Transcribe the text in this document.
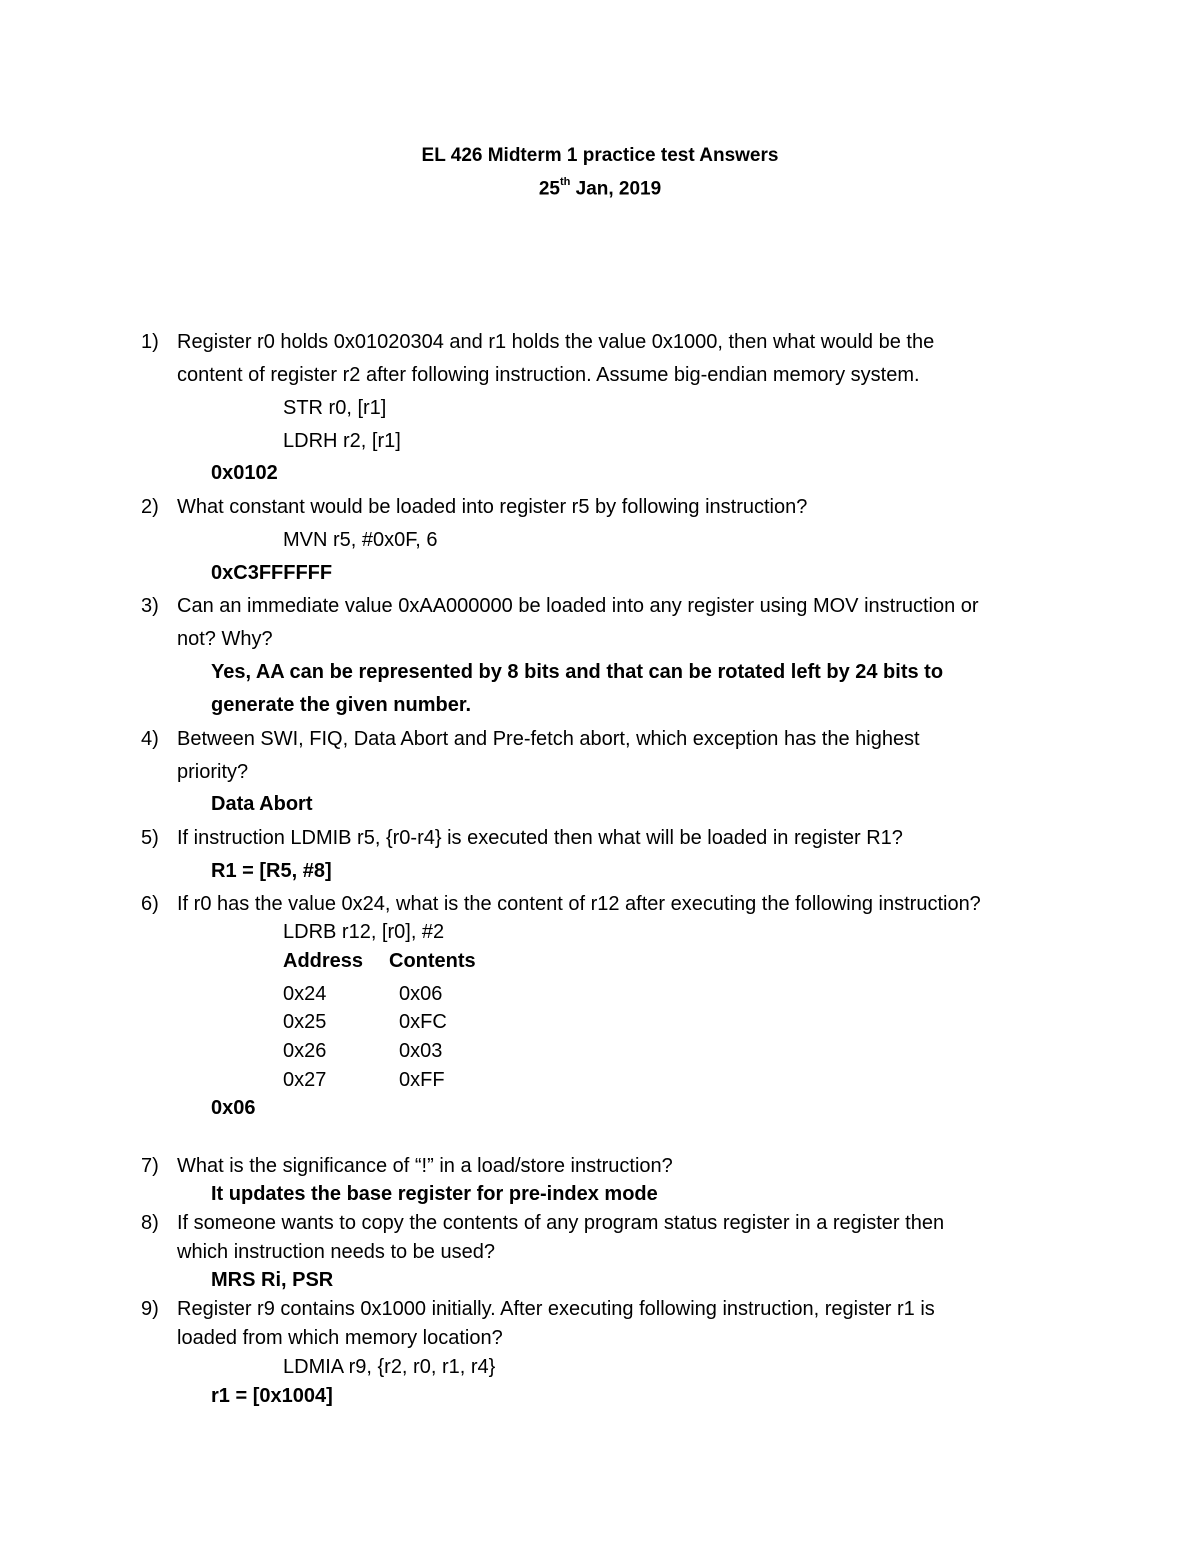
EL 426 Midterm 1 practice test Answers
25th Jan, 2019
1) Register r0 holds 0x01020304 and r1 holds the value 0x1000, then what would be the
content of register r2 after following instruction. Assume big-endian memory system.
STR r0, [r1]
LDRH r2, [r1]
0x0102
2) What constant would be loaded into register r5 by following instruction?
MVN r5, #0x0F, 6
0xC3FFFFFF
3) Can an immediate value 0xAA000000 be loaded into any register using MOV instruction or
not? Why?
Yes, AA can be represented by 8 bits and that can be rotated left by 24 bits to
generate the given number.
4) Between SWI, FIQ, Data Abort and Pre-fetch abort, which exception has the highest
priority?
Data Abort
5) If instruction LDMIB r5, {r0-r4} is executed then what will be loaded in register R1?
R1 = [R5, #8]
6) If r0 has the value 0x24, what is the content of r12 after executing the following instruction?
LDRB r12, [r0], #2
Address Contents
0x24	0x06
0x25	0xFC
0x26	0x03
0x27	0xFF
0x06
7) What is the significance of “!” in a load/store instruction?
It updates the base register for pre-index mode
8) If someone wants to copy the contents of any program status register in a register then
which instruction needs to be used?
MRS Ri, PSR
9) Register r9 contains 0x1000 initially. After executing following instruction, register r1 is
loaded from which memory location?
LDMIA r9, {r2, r0, r1, r4}
r1 = [0x1004]
